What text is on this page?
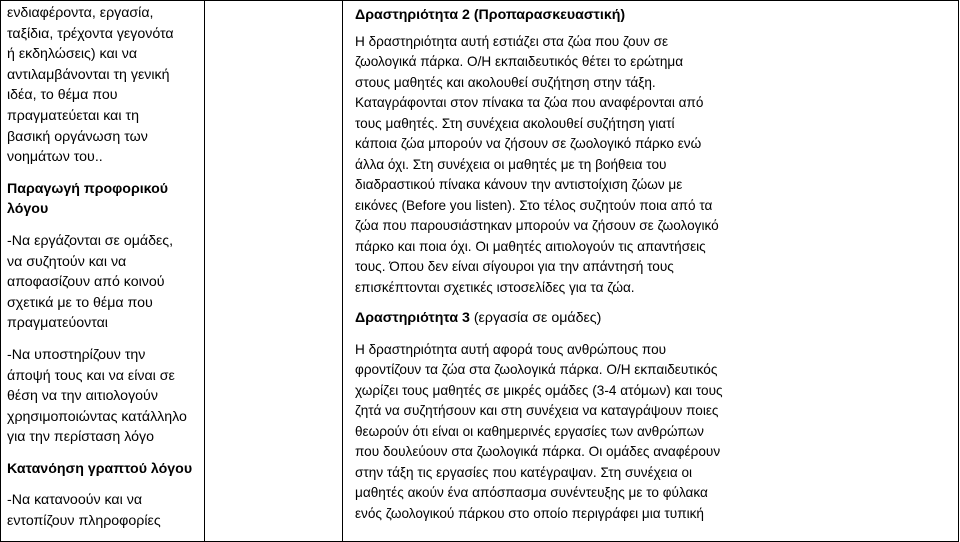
ενδιαφέροντα, εργασία,
ταξίδια, τρέχοντα γεγονότα
ή εκδηλώσεις) και να
αντιλαμβάνονται τη γενική
ιδέα, το θέμα που
πραγματεύεται και τη
βασική οργάνωση των
νοημάτων του..

Παραγωγή προφορικού
λόγου

-Να εργάζονται σε ομάδες,
να συζητούν και να
αποφασίζουν από κοινού
σχετικά με το θέμα που
πραγματεύονται

-Να υποστηρίζουν την
άποψή τους και να είναι σε
θέση να την αιτιολογούν
χρησιμοποιώντας κατάλληλο
για την περίσταση λόγο

Κατανόηση γραπτού λόγου

-Να κατανοούν και να
εντοπίζουν πληροφορίες

Δραστηριότητα 2 (Προπαρασκευαστική)

Η δραστηριότητα αυτή εστιάζει στα ζώα που ζουν σε
ζωολογικά πάρκα. Ο/Η εκπαιδευτικός θέτει το ερώτημα
στους μαθητές και ακολουθεί συζήτηση στην τάξη.
Καταγράφονται στον πίνακα τα ζώα που αναφέρονται από
τους μαθητές. Στη συνέχεια ακολουθεί συζήτηση γιατί
κάποια ζώα μπορούν να ζήσουν σε ζωολογικό πάρκο ενώ
άλλα όχι. Στη συνέχεια οι μαθητές με τη βοήθεια του
διαδραστικού πίνακα κάνουν την αντιστοίχιση ζώων με
εικόνες (Before you listen). Στο τέλος συζητούν ποια από τα
ζώα που παρουσιάστηκαν μπορούν να ζήσουν σε ζωολογικό
πάρκο και ποια όχι. Οι μαθητές αιτιολογούν τις απαντήσεις
τους. Όπου δεν είναι σίγουροι για την απάντησή τους
επισκέπτονται σχετικές ιστοσελίδες για τα ζώα.

Δραστηριότητα 3 (εργασία σε ομάδες)

Η δραστηριότητα αυτή αφορά τους ανθρώπους που
φροντίζουν τα ζώα στα ζωολογικά πάρκα. Ο/Η εκπαιδευτικός
χωρίζει τους μαθητές σε μικρές ομάδες (3-4 ατόμων) και τους
ζητά να συζητήσουν και στη συνέχεια να καταγράψουν ποιες
θεωρούν ότι είναι οι καθημερινές εργασίες των ανθρώπων
που δουλεύουν στα ζωολογικά πάρκα. Οι ομάδες αναφέρουν
στην τάξη τις εργασίες που κατέγραψαν. Στη συνέχεια οι
μαθητές ακούν ένα απόσπασμα συνέντευξης με το φύλακα
ενός ζωολογικού πάρκου στο οποίο περιγράφει μια τυπική
